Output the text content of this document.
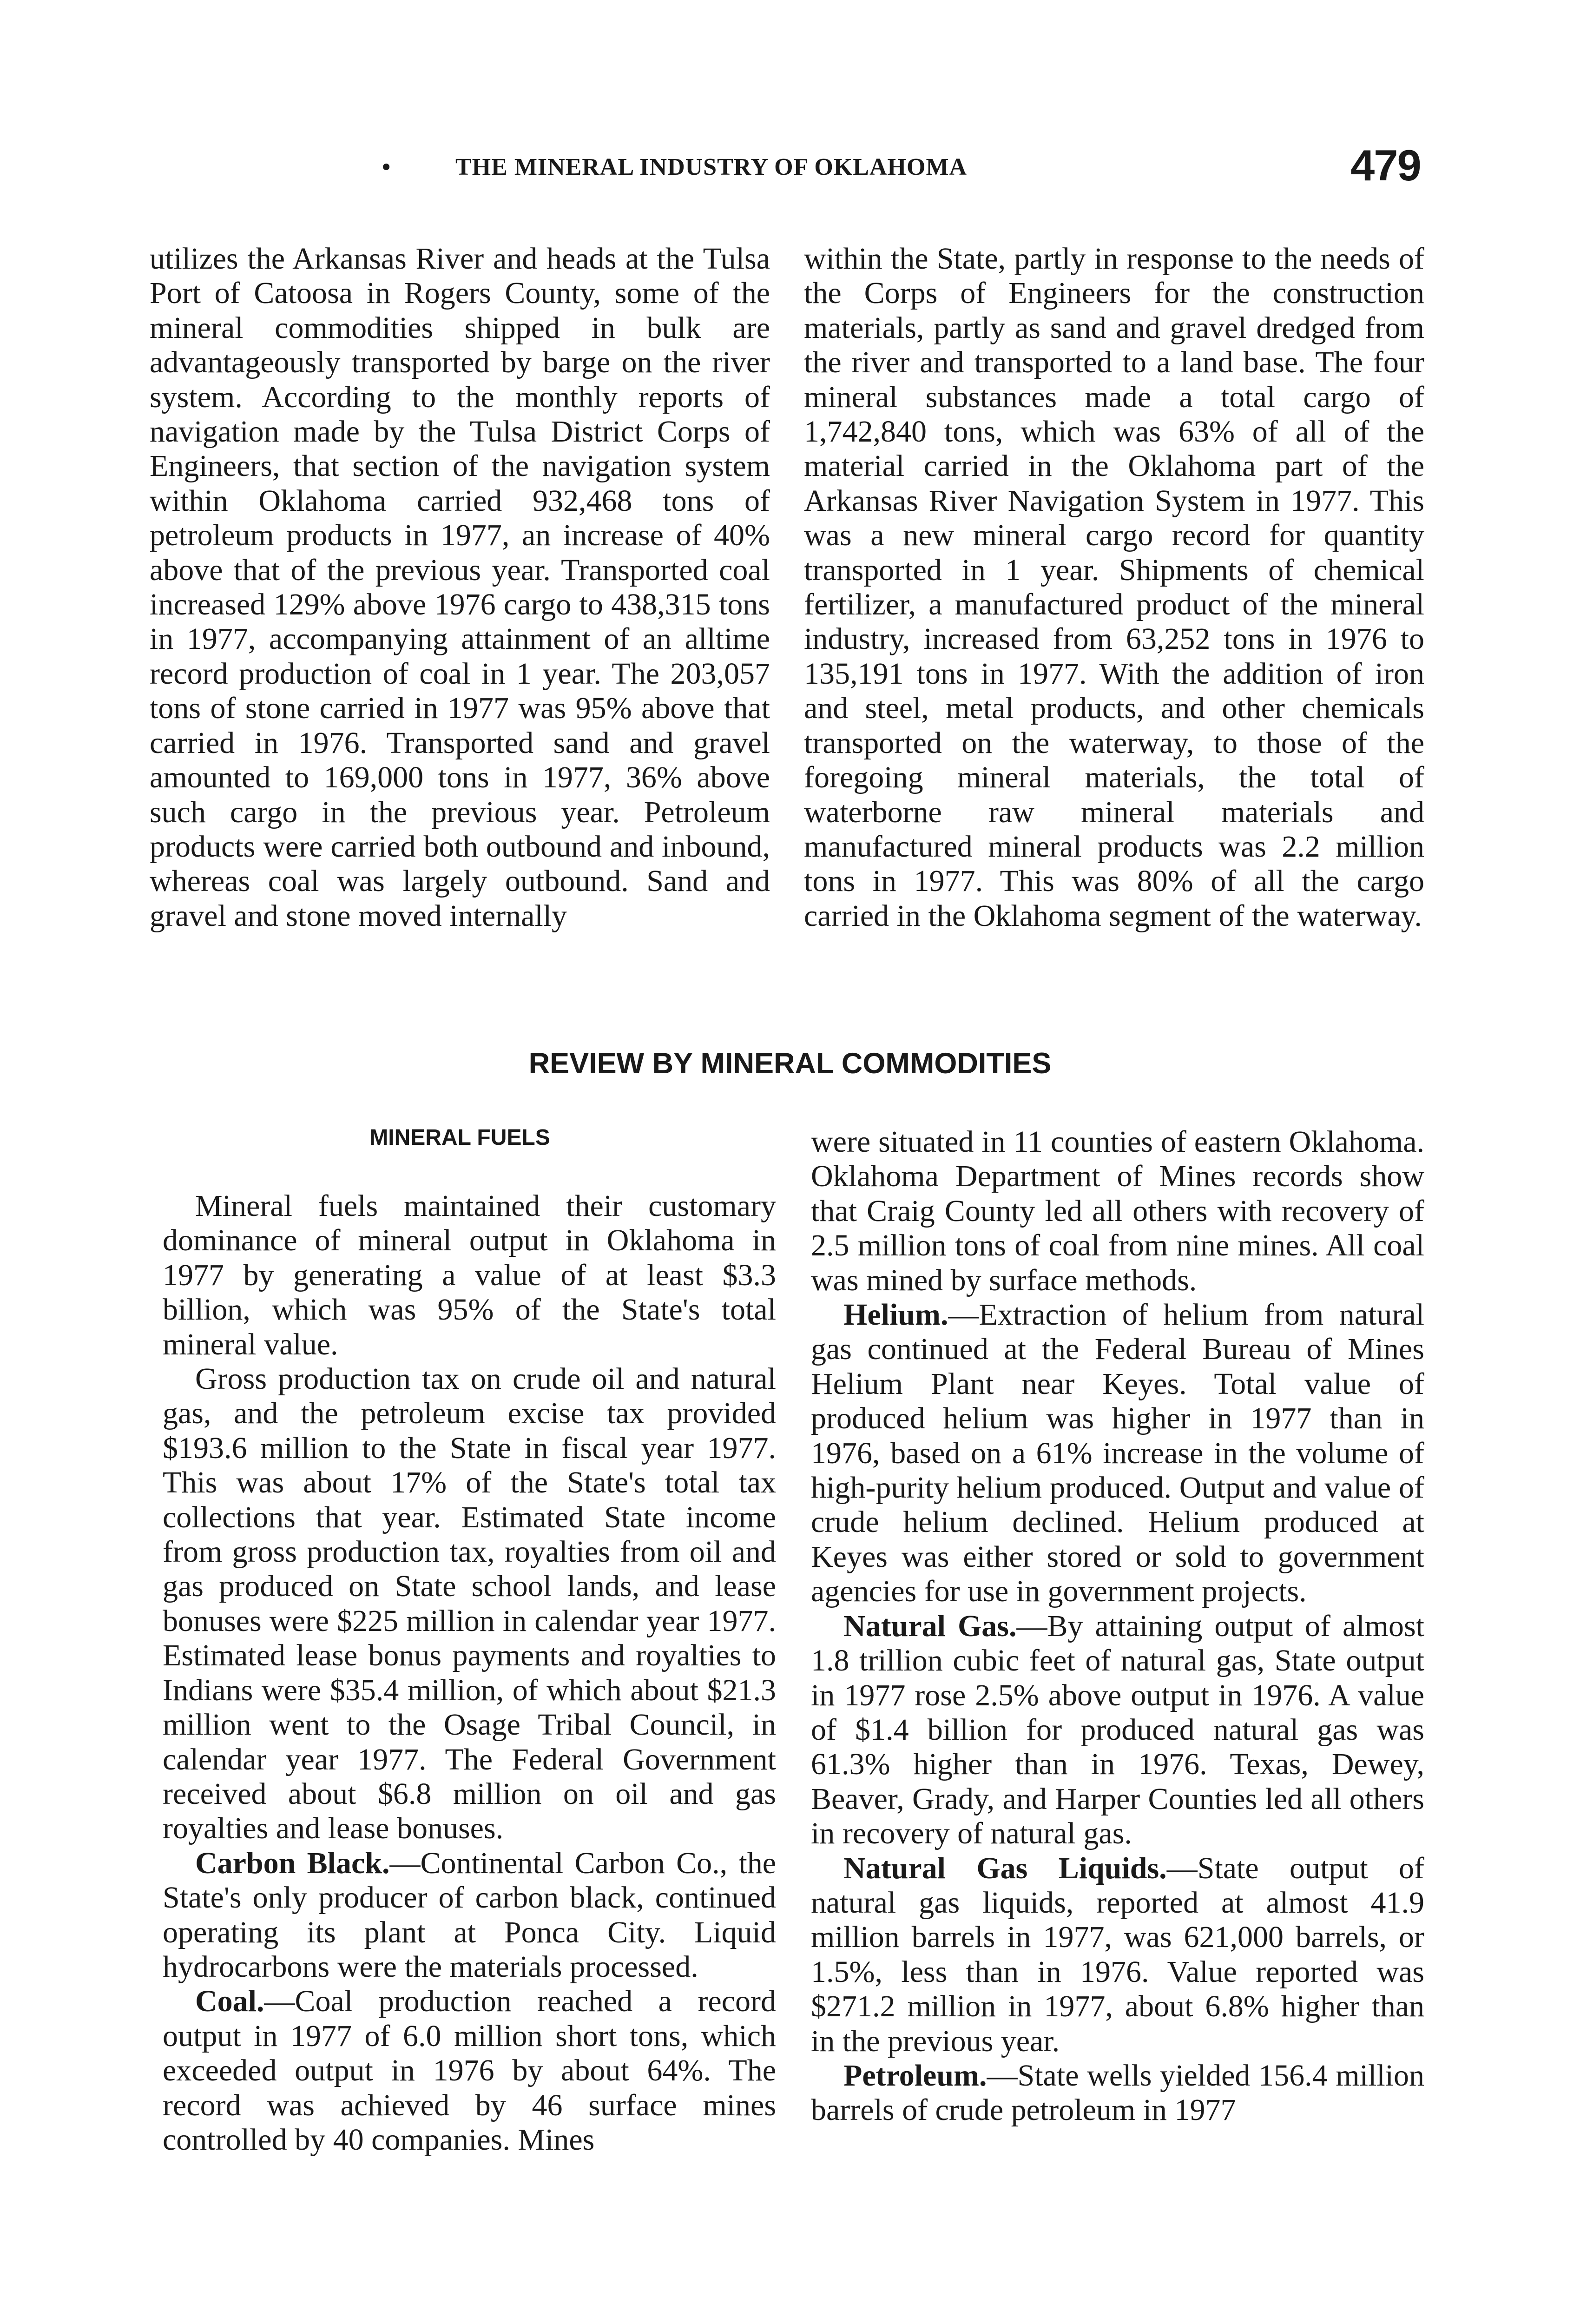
•	THE MINERAL INDUSTRY OF OKLAHOMA	479

utilizes the Arkansas River and heads at the Tulsa Port of Catoosa in Rogers County, some of the mineral commodities shipped in bulk are advantageously transported by barge on the river system. According to the monthly reports of navigation made by the Tulsa District Corps of Engineers, that section of the navigation system within Oklahoma carried 932,468 tons of petroleum products in 1977, an increase of 40% above that of the previous year. Transported coal increased 129% above 1976 cargo to 438,315 tons in 1977, accompanying attainment of an alltime record production of coal in 1 year. The 203,057 tons of stone carried in 1977 was 95% above that carried in 1976. Transported sand and gravel amounted to 169,000 tons in 1977, 36% above such cargo in the previous year. Petroleum products were carried both outbound and inbound, whereas coal was largely outbound. Sand and gravel and stone moved internally

within the State, partly in response to the needs of the Corps of Engineers for the construction materials, partly as sand and gravel dredged from the river and transported to a land base. The four mineral substances made a total cargo of 1,742,840 tons, which was 63% of all of the material carried in the Oklahoma part of the Arkansas River Navigation System in 1977. This was a new mineral cargo record for quantity transported in 1 year. Shipments of chemical fertilizer, a manufactured product of the mineral industry, increased from 63,252 tons in 1976 to 135,191 tons in 1977. With the addition of iron and steel, metal products, and other chemicals transported on the waterway, to those of the foregoing mineral materials, the total of waterborne raw mineral materials and manufactured mineral products was 2.2 million tons in 1977. This was 80% of all the cargo carried in the Oklahoma segment of the waterway.

REVIEW BY MINERAL COMMODITIES
MINERAL FUELS

Mineral fuels maintained their customary dominance of mineral output in Oklahoma in 1977 by generating a value of at least $3.3 billion, which was 95% of the State's total mineral value.

Gross production tax on crude oil and natural gas, and the petroleum excise tax provided $193.6 million to the State in fiscal year 1977. This was about 17% of the State's total tax collections that year. Estimated State income from gross production tax, royalties from oil and gas produced on State school lands, and lease bonuses were $225 million in calendar year 1977. Estimated lease bonus payments and royalties to Indians were $35.4 million, of which about $21.3 million went to the Osage Tribal Council, in calendar year 1977. The Federal Government received about $6.8 million on oil and gas royalties and lease bonuses.

Carbon Black.—Continental Carbon Co., the State's only producer of carbon black, continued operating its plant at Ponca City. Liquid hydrocarbons were the materials processed.

Coal.—Coal production reached a record output in 1977 of 6.0 million short tons, which exceeded output in 1976 by about 64%. The record was achieved by 46 surface mines controlled by 40 companies. Mines

were situated in 11 counties of eastern Oklahoma. Oklahoma Department of Mines records show that Craig County led all others with recovery of 2.5 million tons of coal from nine mines. All coal was mined by surface methods.

Helium.—Extraction of helium from natural gas continued at the Federal Bureau of Mines Helium Plant near Keyes. Total value of produced helium was higher in 1977 than in 1976, based on a 61% increase in the volume of high-purity helium produced. Output and value of crude helium declined. Helium produced at Keyes was either stored or sold to government agencies for use in government projects.

Natural Gas.—By attaining output of almost 1.8 trillion cubic feet of natural gas, State output in 1977 rose 2.5% above output in 1976. A value of $1.4 billion for produced natural gas was 61.3% higher than in 1976. Texas, Dewey, Beaver, Grady, and Harper Counties led all others in recovery of natural gas.

Natural Gas Liquids.—State output of natural gas liquids, reported at almost 41.9 million barrels in 1977, was 621,000 barrels, or 1.5%, less than in 1976. Value reported was $271.2 million in 1977, about 6.8% higher than in the previous year.

Petroleum.—State wells yielded 156.4 million barrels of crude petroleum in 1977
